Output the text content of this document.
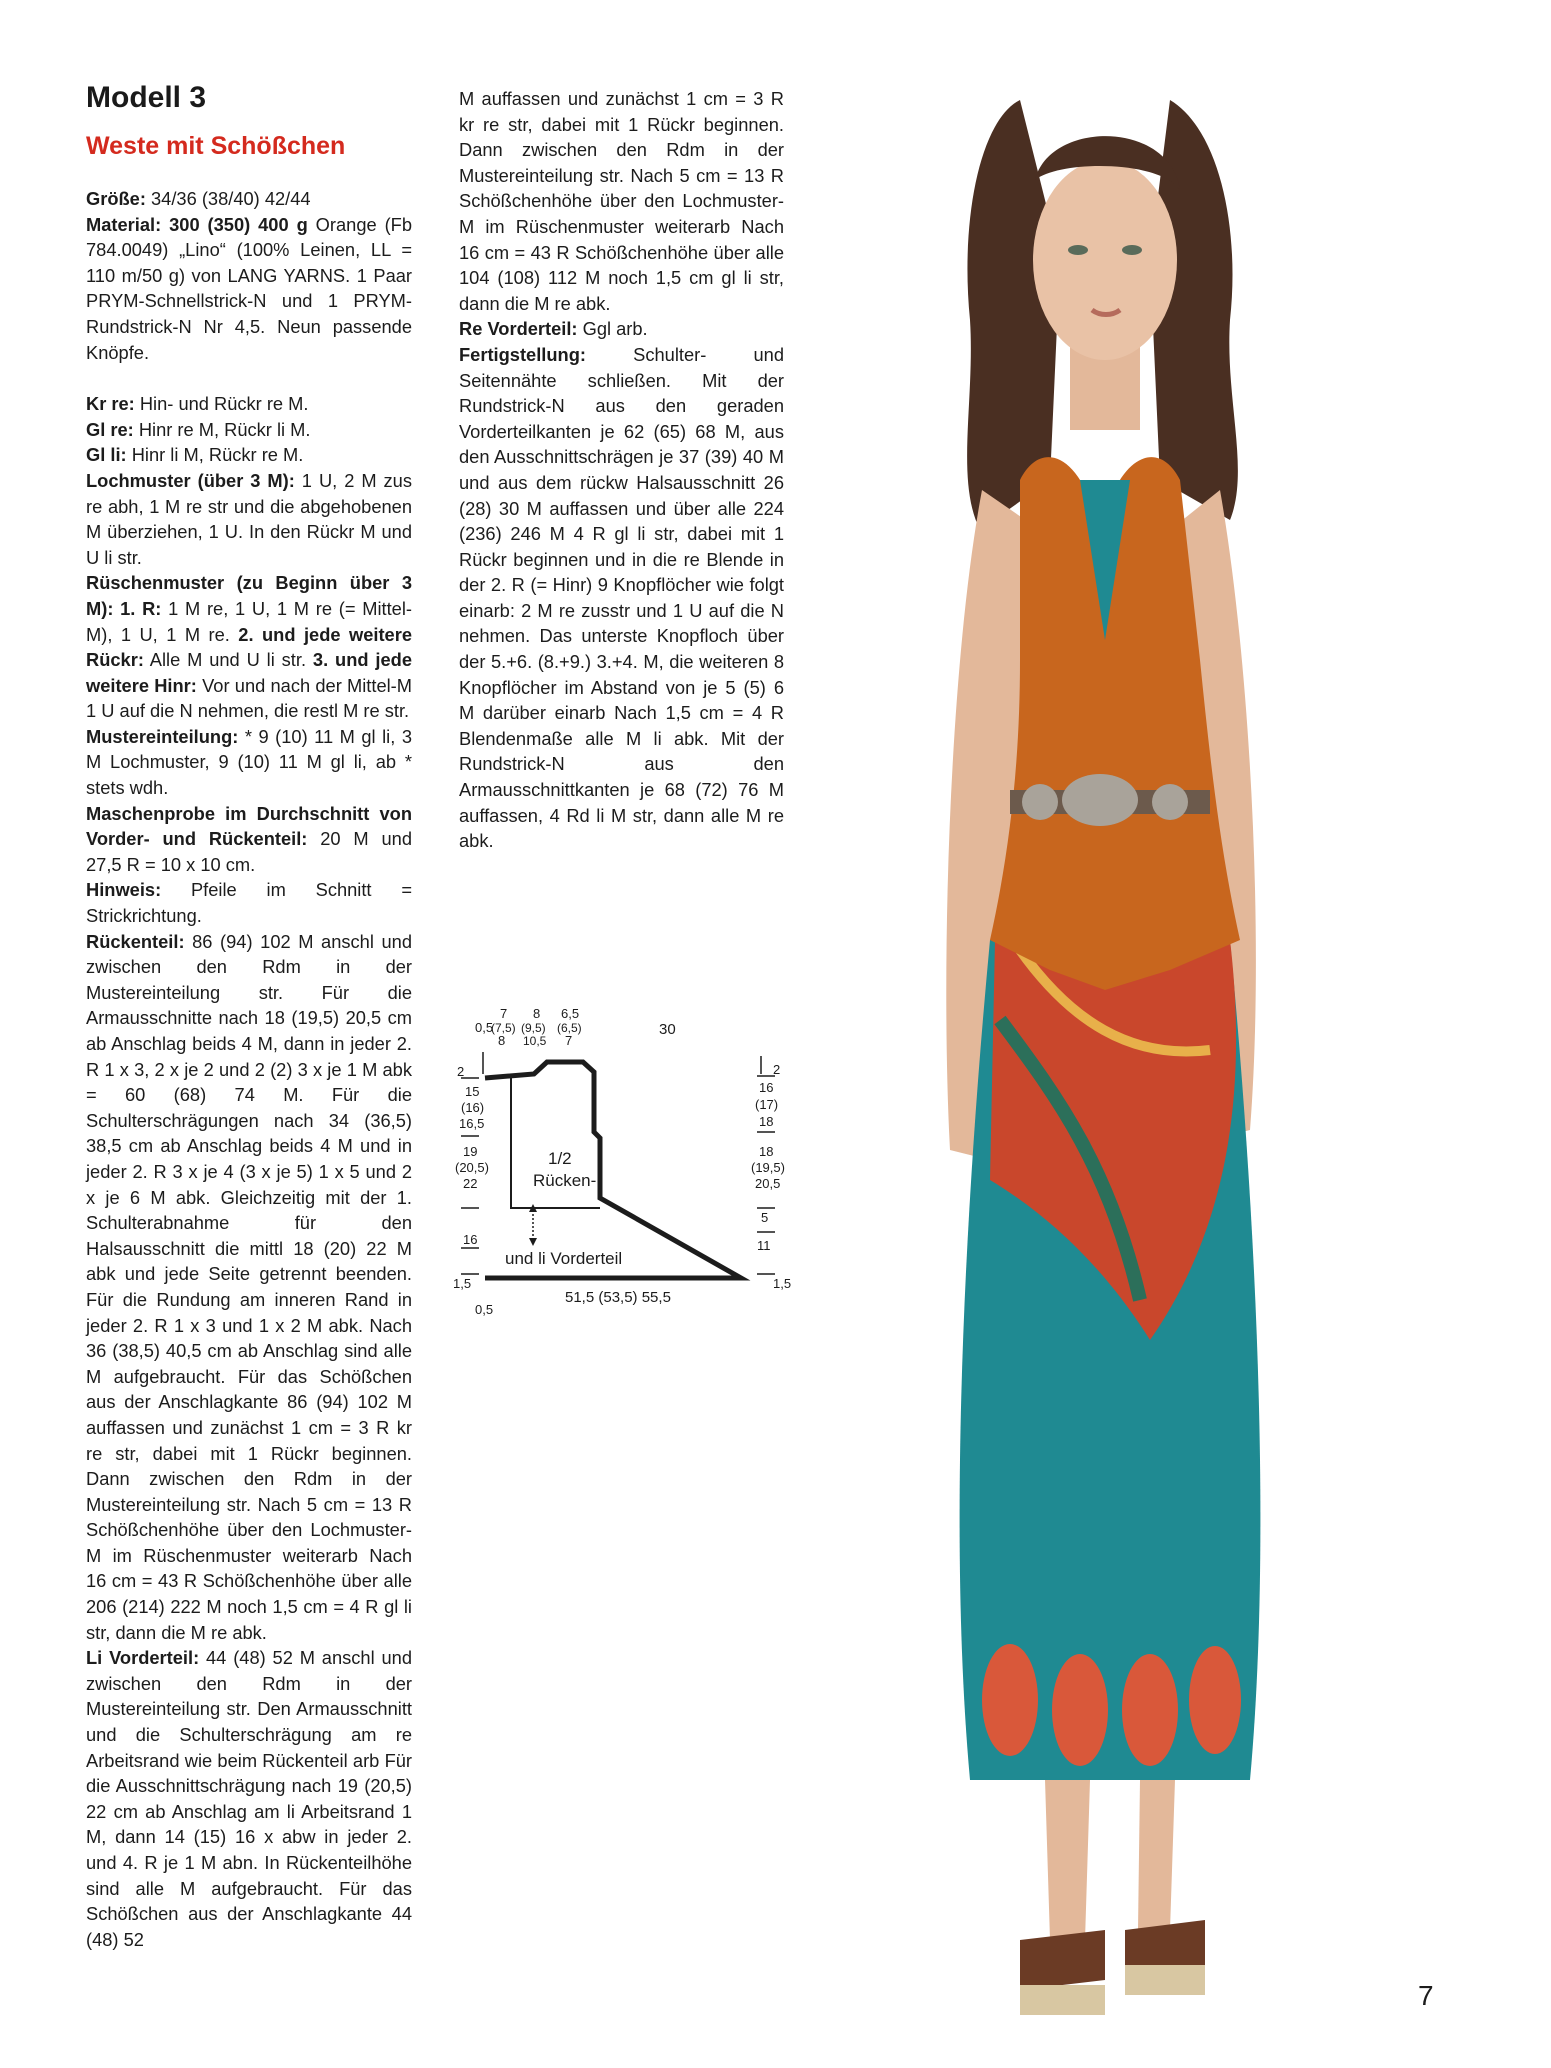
Modell 3
Weste mit Schößchen

Größe: 34/36 (38/40) 42/44

Material: 300 (350) 400 g Orange (Fb 784.0049) „Lino“ (100% Leinen, LL = 110 m/50 g) von LANG YARNS. 1 Paar PRYM-Schnellstrick-N und 1 PRYM-Rundstrick-N Nr 4,5. Neun passende Knöpfe.

Kr re: Hin- und Rückr re M.

Gl re: Hinr re M, Rückr li M.

Gl li: Hinr li M, Rückr re M.

Lochmuster (über 3 M): 1 U, 2 M zus re abh, 1 M re str und die abgehobenen M überziehen, 1 U. In den Rückr M und U li str.

Rüschenmuster (zu Beginn über 3 M): 1. R: 1 M re, 1 U, 1 M re (= Mittel-M), 1 U, 1 M re. 2. und jede weitere Rückr: Alle M und U li str. 3. und jede weitere Hinr: Vor und nach der Mittel-M 1 U auf die N nehmen, die restl M re str.

Mustereinteilung: * 9 (10) 11 M gl li, 3 M Lochmuster, 9 (10) 11 M gl li, ab * stets wdh.

Maschenprobe im Durchschnitt von Vorder- und Rückenteil: 20 M und 27,5 R = 10 x 10 cm.

Hinweis: Pfeile im Schnitt = Strickrichtung.

Rückenteil: 86 (94) 102 M anschl und zwischen den Rdm in der Mustereinteilung str. Für die Armausschnitte nach 18 (19,5) 20,5 cm ab Anschlag beids 4 M, dann in jeder 2. R 1 x 3, 2 x je 2 und 2 (2) 3 x je 1 M abk = 60 (68) 74 M. Für die Schulterschrägungen nach 34 (36,5) 38,5 cm ab Anschlag beids 4 M und in jeder 2. R 3 x je 4 (3 x je 5) 1 x 5 und 2 x je 6 M abk. Gleichzeitig mit der 1. Schulterabnahme für den Halsausschnitt die mittl 18 (20) 22 M abk und jede Seite getrennt beenden. Für die Rundung am inneren Rand in jeder 2. R 1 x 3 und 1 x 2 M abk. Nach 36 (38,5) 40,5 cm ab Anschlag sind alle M aufgebraucht. Für das Schößchen aus der Anschlagkante 86 (94) 102 M auffassen und zunächst 1 cm = 3 R kr re str, dabei mit 1 Rückr beginnen. Dann zwischen den Rdm in der Mustereinteilung str. Nach 5 cm = 13 R Schößchenhöhe über den Lochmuster-M im Rüschenmuster weiterarb Nach 16 cm = 43 R Schößchenhöhe über alle 206 (214) 222 M noch 1,5 cm = 4 R gl li str, dann die M re abk.

Li Vorderteil: 44 (48) 52 M anschl und zwischen den Rdm in der Mustereinteilung str. Den Armausschnitt und die Schulterschrägung am re Arbeitsrand wie beim Rückenteil arb Für die Ausschnittschrägung nach 19 (20,5) 22 cm ab Anschlag am li Arbeitsrand 1 M, dann 14 (15) 16 x abw in jeder 2. und 4. R je 1 M abn. In Rückenteilhöhe sind alle M aufgebraucht. Für das Schößchen aus der Anschlagkante 44 (48) 52

M auffassen und zunächst 1 cm = 3 R kr re str, dabei mit 1 Rückr beginnen. Dann zwischen den Rdm in der Mustereinteilung str. Nach 5 cm = 13 R Schößchenhöhe über den Lochmuster-M im Rüschenmuster weiterarb Nach 16 cm = 43 R Schößchenhöhe über alle 104 (108) 112 M noch 1,5 cm gl li str, dann die M re abk.

Re Vorderteil: Ggl arb.

Fertigstellung: Schulter- und Seitennähte schließen. Mit der Rundstrick-N aus den geraden Vorderteilkanten je 62 (65) 68 M, aus den Ausschnittschrägen je 37 (39) 40 M und aus dem rückw Halsausschnitt 26 (28) 30 M auffassen und über alle 224 (236) 246 M 4 R gl li str, dabei mit 1 Rückr beginnen und in die re Blende in der 2. R (= Hinr) 9 Knopflöcher wie folgt einarb: 2 M re zusstr und 1 U auf die N nehmen. Das unterste Knopfloch über der 5.+6. (8.+9.) 3.+4. M, die weiteren 8 Knopflöcher im Abstand von je 5 (5) 6 M darüber einarb Nach 1,5 cm = 4 R Blendenmaße alle M li abk. Mit der Rundstrick-N aus den Armausschnittkanten je 68 (72) 76 M auffassen, 4 Rd li M str, dann alle M re abk.

7
0,5
(7,5)
8
8
(9,5)
10,5
6,5
(6,5)
7
30
2
15
(16)
16,5
19
(20,5)
22
16
1,5
0,5
2
16
(17)
18
18
(19,5)
20,5
5
11
1,5
51,5 (53,5) 55,5
1/2
Rücken-
und li Vorderteil
7
